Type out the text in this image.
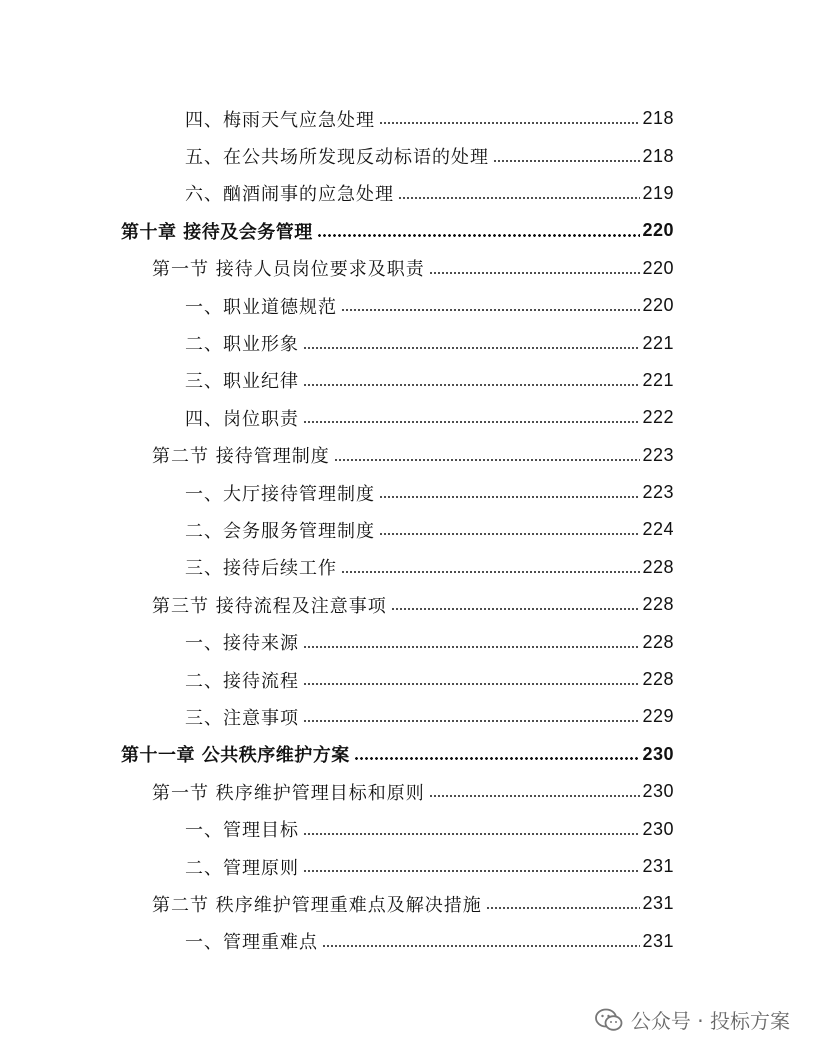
四、梅雨天气应急处理	218
五、在公共场所发现反动标语的处理	218
六、酗酒闹事的应急处理	219
第十章 接待及会务管理	220
第一节 接待人员岗位要求及职责	220
一、职业道德规范	220
二、职业形象	221
三、职业纪律	221
四、岗位职责	222
第二节 接待管理制度	223
一、大厅接待管理制度	223
二、会务服务管理制度	224
三、接待后续工作	228
第三节 接待流程及注意事项	228
一、接待来源	228
二、接待流程	228
三、注意事项	229
第十一章 公共秩序维护方案	230
第一节 秩序维护管理目标和原则	230
一、管理目标	230
二、管理原则	231
第二节 秩序维护管理重难点及解决措施	231
一、管理重难点	231
公众号 · 投标方案
